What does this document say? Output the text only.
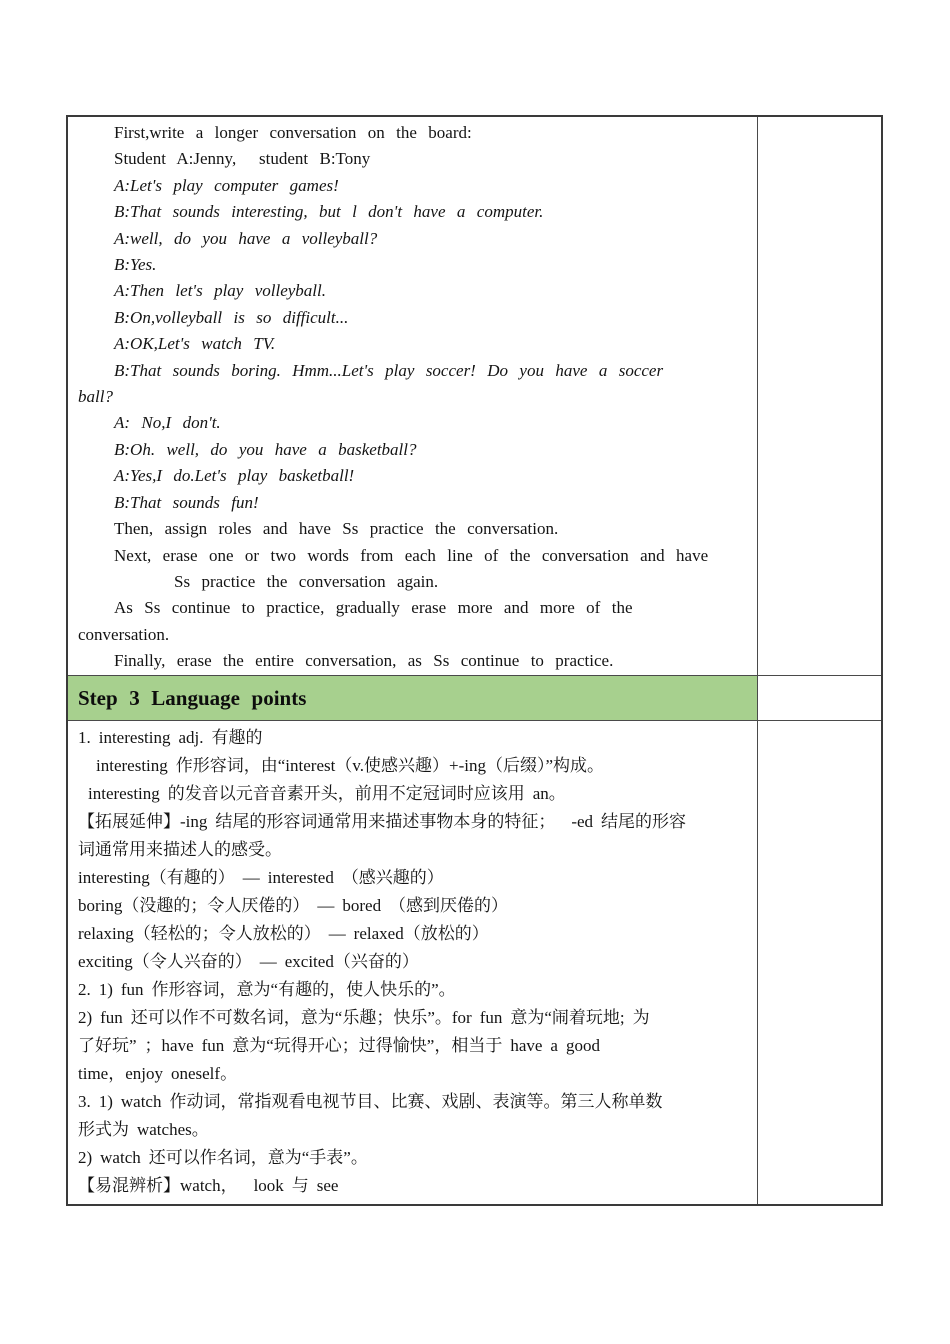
First,write a longer conversation on the board:
Student A:Jenny,  student B:Tony
A:Let's play computer games!
B:That sounds interesting, but l don't have a computer.
A:well, do you have a volleyball?
B:Yes.
A:Then let's play volleyball.
B:On,volleyball is so difficult...
A:OK,Let's watch TV.
B:That sounds boring. Hmm...Let's play soccer! Do you have a soccer
ball?
A: No,I don't.
B:Oh. well, do you have a basketball?
A:Yes,I do.Let's play basketball!
B:That sounds fun!
Then, assign roles and have Ss practice the conversation.
Next, erase one or two words from each line of the conversation and have
Ss practice the conversation again.
As Ss continue to practice, gradually erase more and more of the
conversation.
Finally, erase the entire conversation, as Ss continue to practice.
Step 3 Language points
1. interesting adj. 有趣的
interesting 作形容词，由“interest（v.使感兴趣）+-ing（后缀）”构成。
interesting 的发音以元音音素开头，前用不定冠词时应该用 an。
【拓展延伸】-ing 结尾的形容词通常用来描述事物本身的特征；  -ed 结尾的形容
词通常用来描述人的感受。
interesting（有趣的） — interested （感兴趣的）
boring（没趣的；令人厌倦的） — bored （感到厌倦的）
relaxing（轻松的；令人放松的） — relaxed（放松的）
exciting（令人兴奋的） — excited（兴奋的）
2. 1) fun 作形容词，意为“有趣的，使人快乐的”。
2) fun 还可以作不可数名词，意为“乐趣；快乐”。for fun 意为“闹着玩地; 为
了好玩” ；have fun 意为“玩得开心；过得愉快”，相当于 have a good
time，enjoy oneself。
3. 1) watch 作动词，常指观看电视节目、比赛、戏剧、表演等。第三人称单数
形式为 watches。
2) watch 还可以作名词，意为“手表”。
【易混辨析】watch，  look 与 see
